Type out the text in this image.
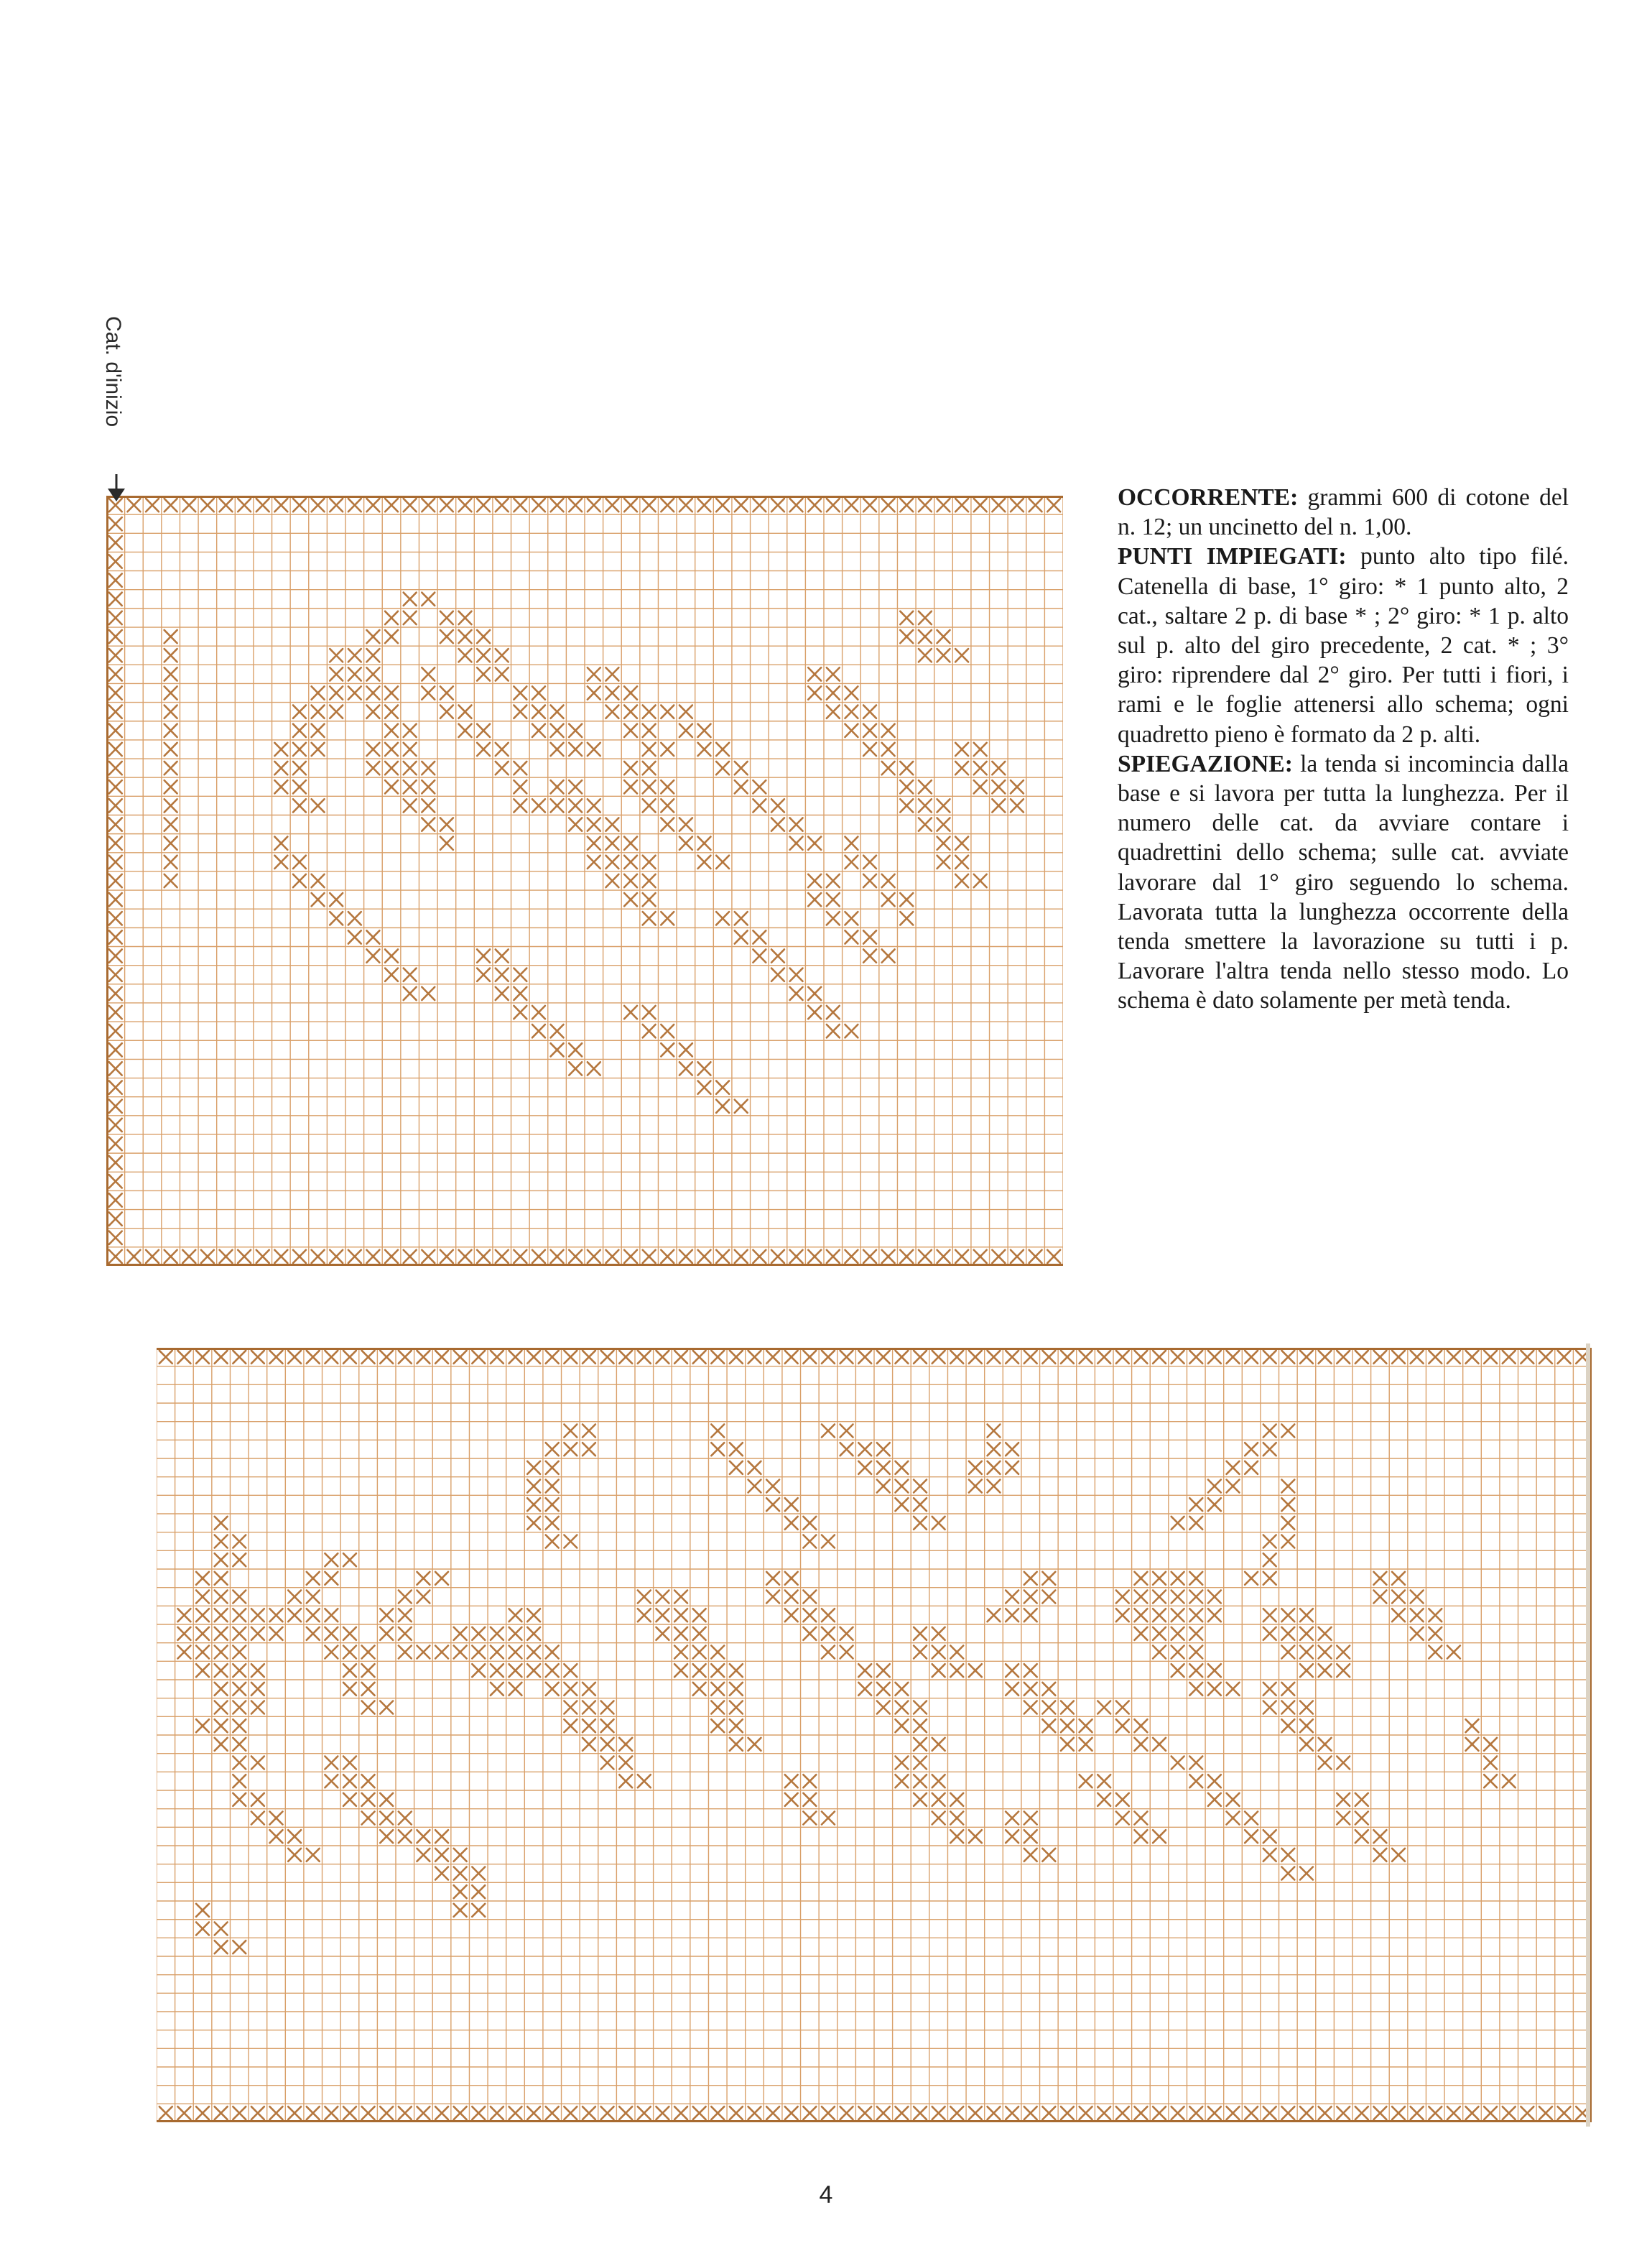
Cat. d'inizio

OCCORRENTE: grammi 600 di cotone del n. 12; un uncinetto del n. 1,00.

PUNTI IMPIEGATI: punto alto tipo filé. Catenella di base, 1° giro: * 1 punto alto, 2 cat., saltare 2 p. di base * ; 2° giro: * 1 p. alto sul p. alto del giro precedente, 2 cat. * ; 3° giro: riprendere dal 2° giro. Per tutti i fiori, i rami e le foglie attenersi allo schema; ogni quadretto pieno è formato da 2 p. alti.

SPIEGAZIONE: la tenda si incomincia dalla base e si lavora per tutta la lunghezza. Per il numero delle cat. da avviare contare i quadrettini dello schema; sulle cat. avviate lavorare dal 1° giro seguendo lo schema. Lavorata tutta la lunghezza occorrente della tenda smettere la lavorazione su tutti i p. Lavorare l'altra tenda nello stesso modo. Lo schema è dato solamente per metà tenda.

4
